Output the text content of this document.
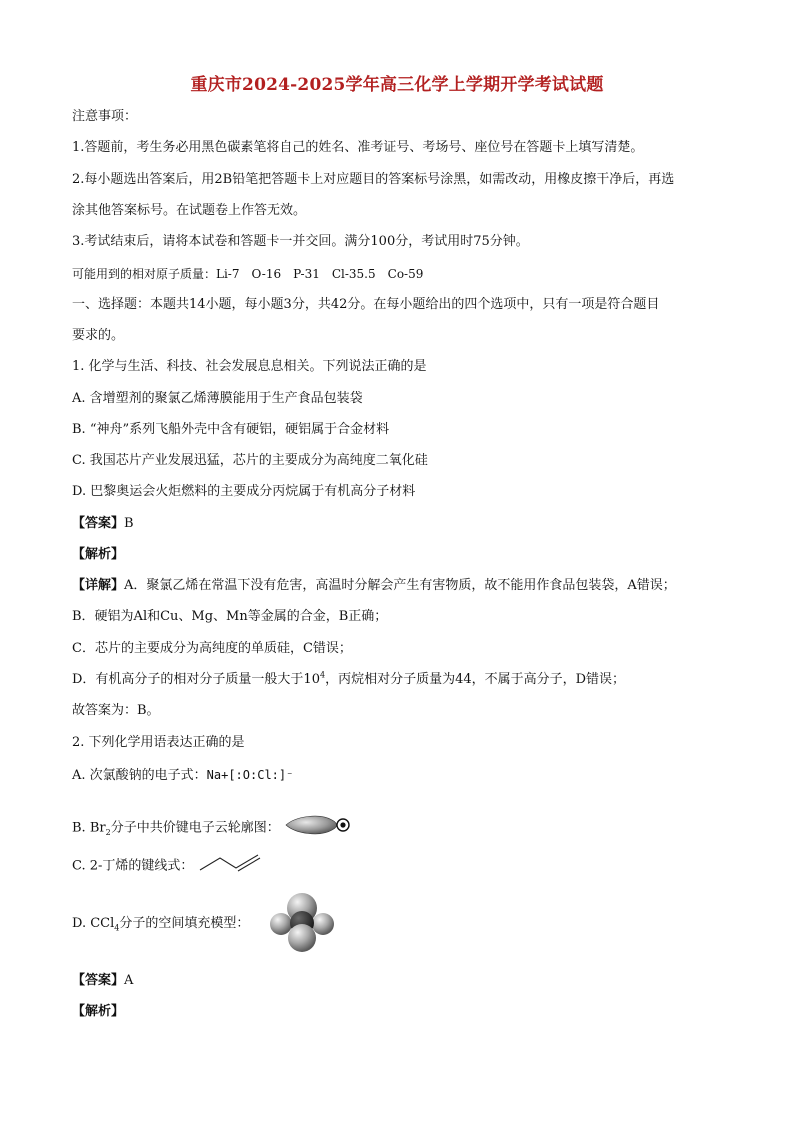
重庆市2024-2025学年高三化学上学期开学考试试题
注意事项：
1.答题前，考生务必用黑色碳素笔将自己的姓名、准考证号、考场号、座位号在答题卡上填写清楚。
2.每小题选出答案后，用2B铅笔把答题卡上对应题目的答案标号涂黑，如需改动，用橡皮擦干净后，再选
涂其他答案标号。在试题卷上作答无效。
3.考试结束后，请将本试卷和答题卡一并交回。满分100分，考试用时75分钟。
可能用到的相对原子质量：Li-7　O-16　P-31　Cl-35.5　Co-59
一、选择题：本题共14小题，每小题3分，共42分。在每小题给出的四个选项中，只有一项是符合题目
要求的。
1. 化学与生活、科技、社会发展息息相关。下列说法正确的是
A. 含增塑剂的聚氯乙烯薄膜能用于生产食品包装袋
B. “神舟”系列飞船外壳中含有硬铝，硬铝属于合金材料
C. 我国芯片产业发展迅猛，芯片的主要成分为高纯度二氧化硅
D. 巴黎奥运会火炬燃料的主要成分丙烷属于有机高分子材料
【答案】B
【解析】
【详解】A．聚氯乙烯在常温下没有危害，高温时分解会产生有害物质，故不能用作食品包装袋，A错误；
B．硬铝为Al和Cu、Mg、Mn等金属的合金，B正确；
C．芯片的主要成分为高纯度的单质硅，C错误；
D．有机高分子的相对分子质量一般大于$10^4$，丙烷相对分子质量为44，不属于高分子，D错误；
故答案为：B。
2. 下列化学用语表达正确的是
A. 次氯酸钠的电子式：Na+[:O:Cl:]⁻
B. $Br_2$分子中共价键电子云轮廓图：
C. 2-丁烯的键线式：
D. CCl$_4$分子的空间填充模型：
【答案】A
【解析】
